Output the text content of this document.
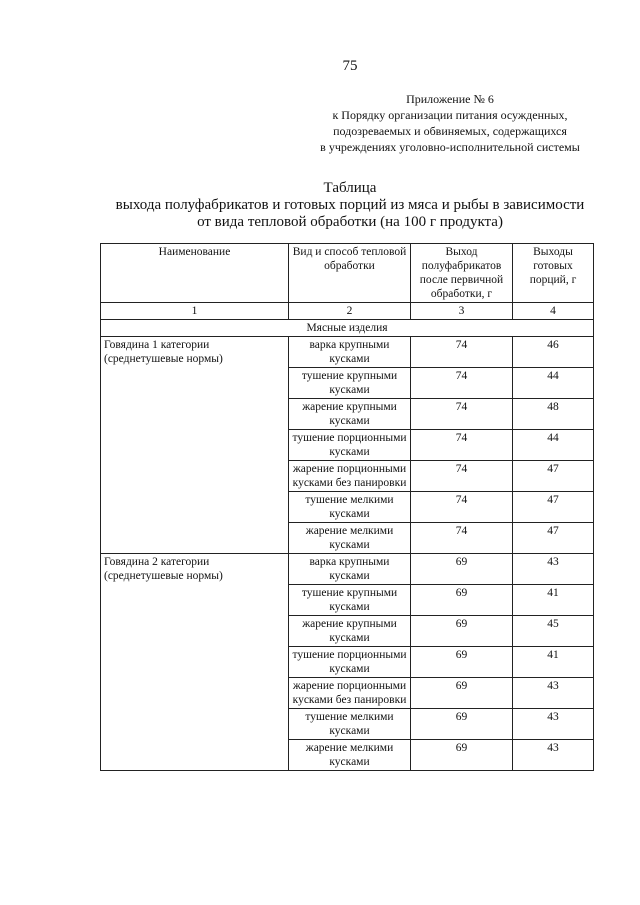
75
Приложение № 6
к Порядку организации питания осужденных,
подозреваемых и обвиняемых, содержащихся
в учреждениях уголовно-исполнительной системы
Таблица
выхода полуфабрикатов и готовых порций из мяса и рыбы в зависимости
от вида тепловой обработки (на 100 г продукта)
Наименование	Вид и способ тепловой обработки	Выход полуфабрикатов после первичной обработки, г	Выходы готовых порций, г
1	2	3	4
Мясные изделия			
Говядина 1 категории (среднетушевые нормы)	варка крупными кусками	74	46
	тушение крупными кусками	74	44
	жарение крупными кусками	74	48
	тушение порционными кусками	74	44
	жарение порционными кусками без панировки	74	47
	тушение мелкими кусками	74	47
	жарение мелкими кусками	74	47
Говядина 2 категории (среднетушевые нормы)	варка крупными кусками	69	43
	тушение крупными кусками	69	41
	жарение крупными кусками	69	45
	тушение порционными кусками	69	41
	жарение порционными кусками без панировки	69	43
	тушение мелкими кусками	69	43
	жарение мелкими кусками	69	43
